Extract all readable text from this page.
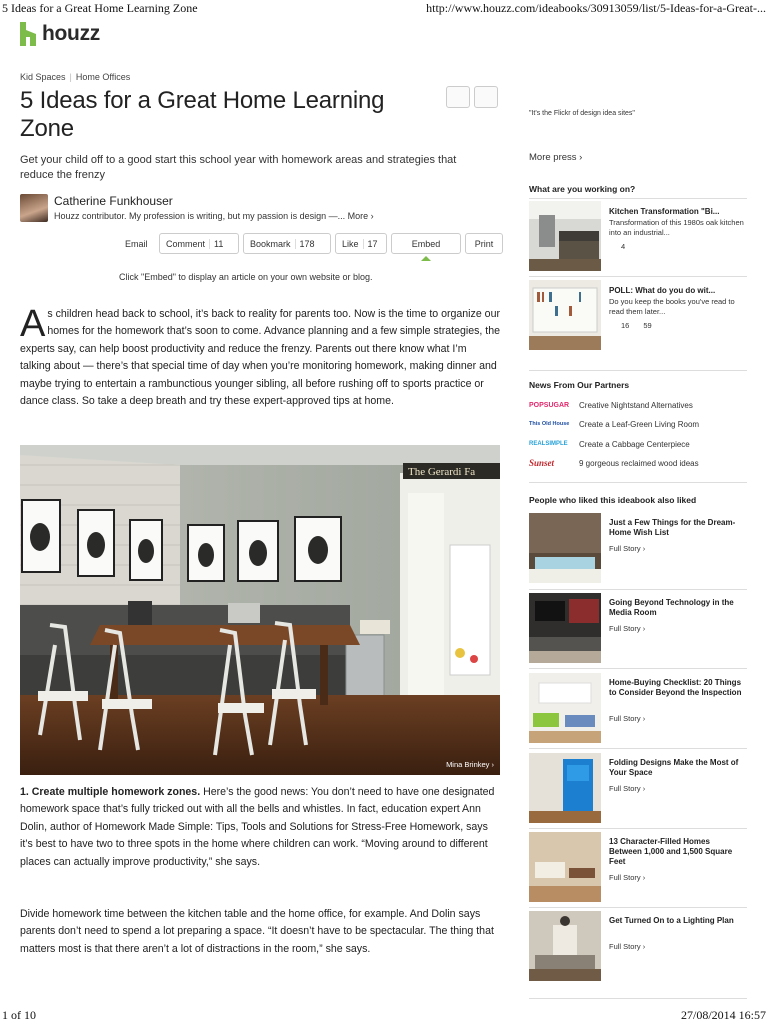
5 Ideas for a Great Home Learning Zone	http://www.houzz.com/ideabooks/30913059/list/5-Ideas-for-a-Great-...
houzz
Kid Spaces | Home Offices
5 Ideas for a Great Home Learning Zone

Get your child off to a good start this school year with homework areas and strategies that reduce the frenzy

Catherine Funkhouser
Houzz contributor. My profession is writing, but my passion is design —... More ›
Email	Comment	11	Bookmark	178	Like	17	Embed	Print
Click "Embed" to display an article on your own website or blog.
A s children head back to school, it’s back to reality for parents too. Now is the time to organize our homes for the homework that’s soon to come. Advance planning and a few simple strategies, the experts say, can help boost productivity and reduce the frenzy. Parents out there know what I’m talking about — there’s that special time of day when you’re monitoring homework, making dinner and maybe trying to entertain a rambunctious younger sibling, all before rushing off to sports practice or dance class. So take a deep breath and try these expert-approved tips at home.
The Gerardi Fa
Mina Brinkey ›
1. Create multiple homework zones. Here’s the good news: You don’t need to have one designated homework space that’s fully tricked out with all the bells and whistles. In fact, education expert Ann Dolin, author of Homework Made Simple: Tips, Tools and Solutions for Stress-Free Homework, says it’s best to have two to three spots in the home where children can work. “Moving around to different places can actually improve productivity,” she says.
Divide homework time between the kitchen table and the home office, for example. And Dolin says parents don’t need to spend a lot preparing a space. “It doesn’t have to be spectacular. The thing that matters most is that there aren’t a lot of distractions in the room,” she says.
"It's the Flickr of design idea sites"
More press ›
What are you working on?
Kitchen Transformation "Bi...
Transformation of this 1980s oak kitchen into an industrial...
4
POLL: What do you do wit...
Do you keep the books you've read to read them later...
16 59
News From Our Partners
POPSUGAR	Creative Nightstand Alternatives
This Old House	Create a Leaf-Green Living Room
REALSIMPLE	Create a Cabbage Centerpiece
Sunset	9 gorgeous reclaimed wood ideas
People who liked this ideabook also liked
Just a Few Things for the Dream-Home Wish List
Full Story ›
Going Beyond Technology in the Media Room
Full Story ›
Home-Buying Checklist: 20 Things to Consider Beyond the Inspection
Full Story ›
Folding Designs Make the Most of Your Space
Full Story ›
13 Character-Filled Homes Between 1,000 and 1,500 Square Feet
Full Story ›
Get Turned On to a Lighting Plan
Full Story ›
1 of 10	27/08/2014 16:57
